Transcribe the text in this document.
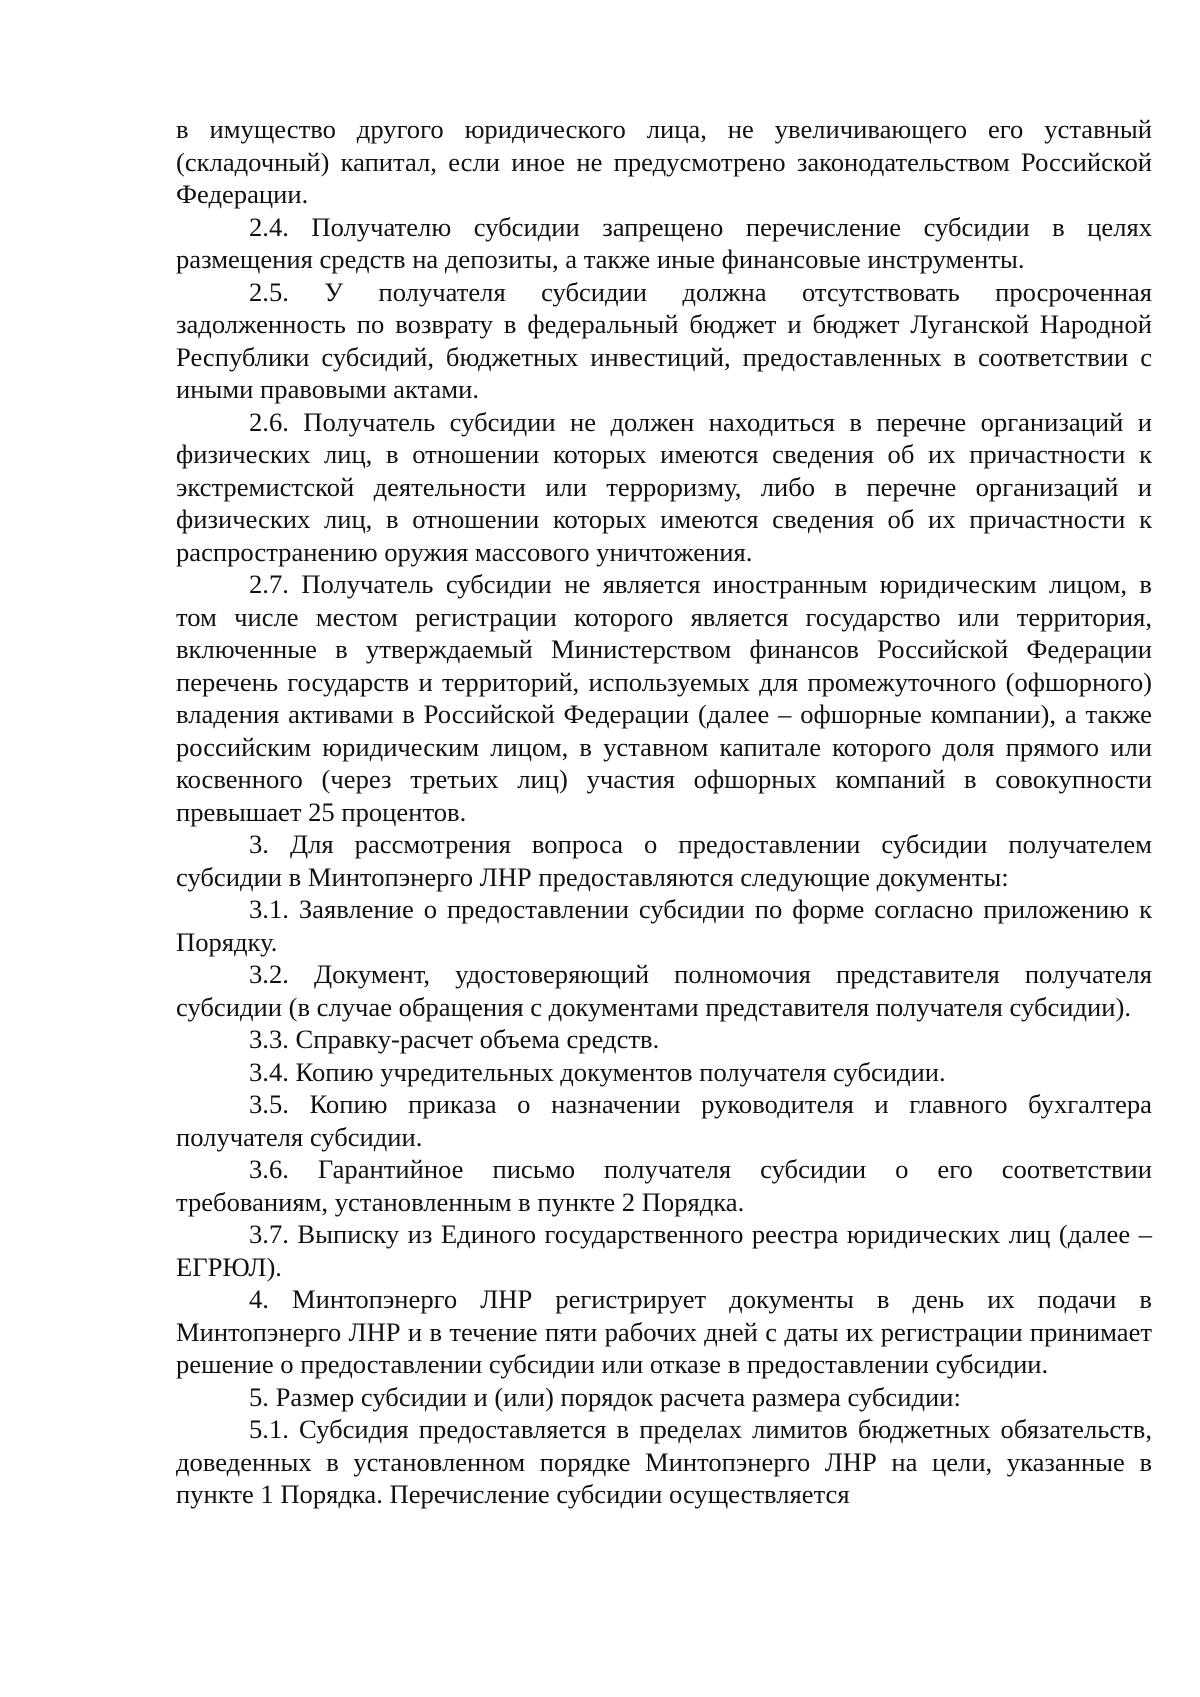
в имущество другого юридического лица, не увеличивающего его уставный (складочный) капитал, если иное не предусмотрено законодательством Российской Федерации.

2.4. Получателю субсидии запрещено перечисление субсидии в целях размещения средств на депозиты, а также иные финансовые инструменты.

2.5. У получателя субсидии должна отсутствовать просроченная задолженность по возврату в федеральный бюджет и бюджет Луганской Народной Республики субсидий, бюджетных инвестиций, предоставленных в соответствии с иными правовыми актами.

2.6. Получатель субсидии не должен находиться в перечне организаций и физических лиц, в отношении которых имеются сведения об их причастности к экстремистской деятельности или терроризму, либо в перечне организаций и физических лиц, в отношении которых имеются сведения об их причастности к распространению оружия массового уничтожения.

2.7. Получатель субсидии не является иностранным юридическим лицом, в том числе местом регистрации которого является государство или территория, включенные в утверждаемый Министерством финансов Российской Федерации перечень государств и территорий, используемых для промежуточного (офшорного) владения активами в Российской Федерации (далее – офшорные компании), а также российским юридическим лицом, в уставном капитале которого доля прямого или косвенного (через третьих лиц) участия офшорных компаний в совокупности превышает 25 процентов.

3. Для рассмотрения вопроса о предоставлении субсидии получателем субсидии в Минтопэнерго ЛНР предоставляются следующие документы:

3.1. Заявление о предоставлении субсидии по форме согласно приложению к Порядку.

3.2. Документ, удостоверяющий полномочия представителя получателя субсидии (в случае обращения с документами представителя получателя субсидии).

3.3. Справку-расчет объема средств.

3.4. Копию учредительных документов получателя субсидии.

3.5. Копию приказа о назначении руководителя и главного бухгалтера получателя субсидии.

3.6. Гарантийное письмо получателя субсидии о его соответствии требованиям, установленным в пункте 2 Порядка.

3.7. Выписку из Единого государственного реестра юридических лиц (далее – ЕГРЮЛ).

4. Минтопэнерго ЛНР регистрирует документы в день их подачи в Минтопэнерго ЛНР и в течение пяти рабочих дней с даты их регистрации принимает решение о предоставлении субсидии или отказе в предоставлении субсидии.

5. Размер субсидии и (или) порядок расчета размера субсидии:

5.1. Субсидия предоставляется в пределах лимитов бюджетных обязательств, доведенных в установленном порядке Минтопэнерго ЛНР на цели, указанные в пункте 1 Порядка. Перечисление субсидии осуществляется
